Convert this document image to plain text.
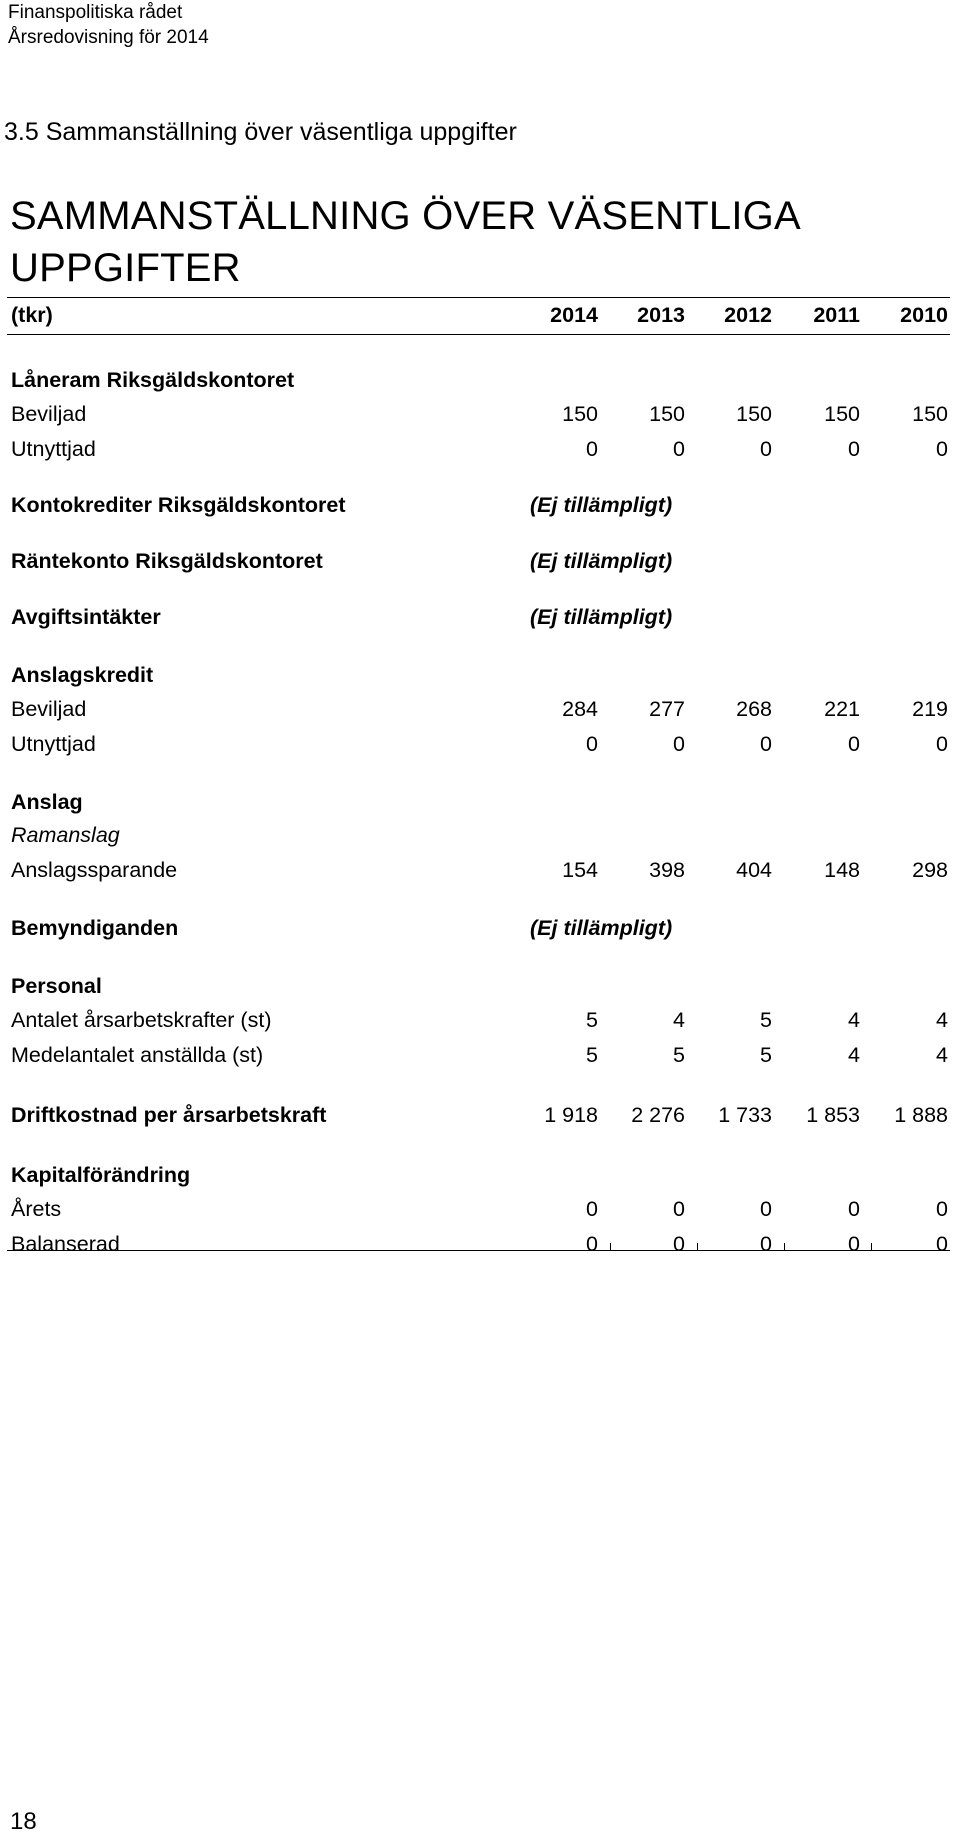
Finanspolitiska rådet
Årsredovisning för 2014
3.5 Sammanställning över väsentliga uppgifter
SAMMANSTÄLLNING ÖVER VÄSENTLIGA
UPPGIFTER
(tkr)	2014	2013	2012	2011	2010
Låneram Riksgäldskontoret
Beviljad	150	150	150	150	150
Utnyttjad	0	0	0	0	0
Kontokrediter Riksgäldskontoret	(Ej tillämpligt)
Räntekonto Riksgäldskontoret	(Ej tillämpligt)
Avgiftsintäkter	(Ej tillämpligt)
Anslagskredit
Beviljad	284	277	268	221	219
Utnyttjad	0	0	0	0	0
Anslag
Ramanslag
Anslagssparande	154	398	404	148	298
Bemyndiganden	(Ej tillämpligt)
Personal
Antalet årsarbetskrafter (st)	5	4	5	4	4
Medelantalet anställda (st)	5	5	5	4	4
Driftkostnad per årsarbetskraft	1 918	2 276	1 733	1 853	1 888
Kapitalförändring
Årets	0	0	0	0	0
Balanserad	0	0	0	0	0
18
